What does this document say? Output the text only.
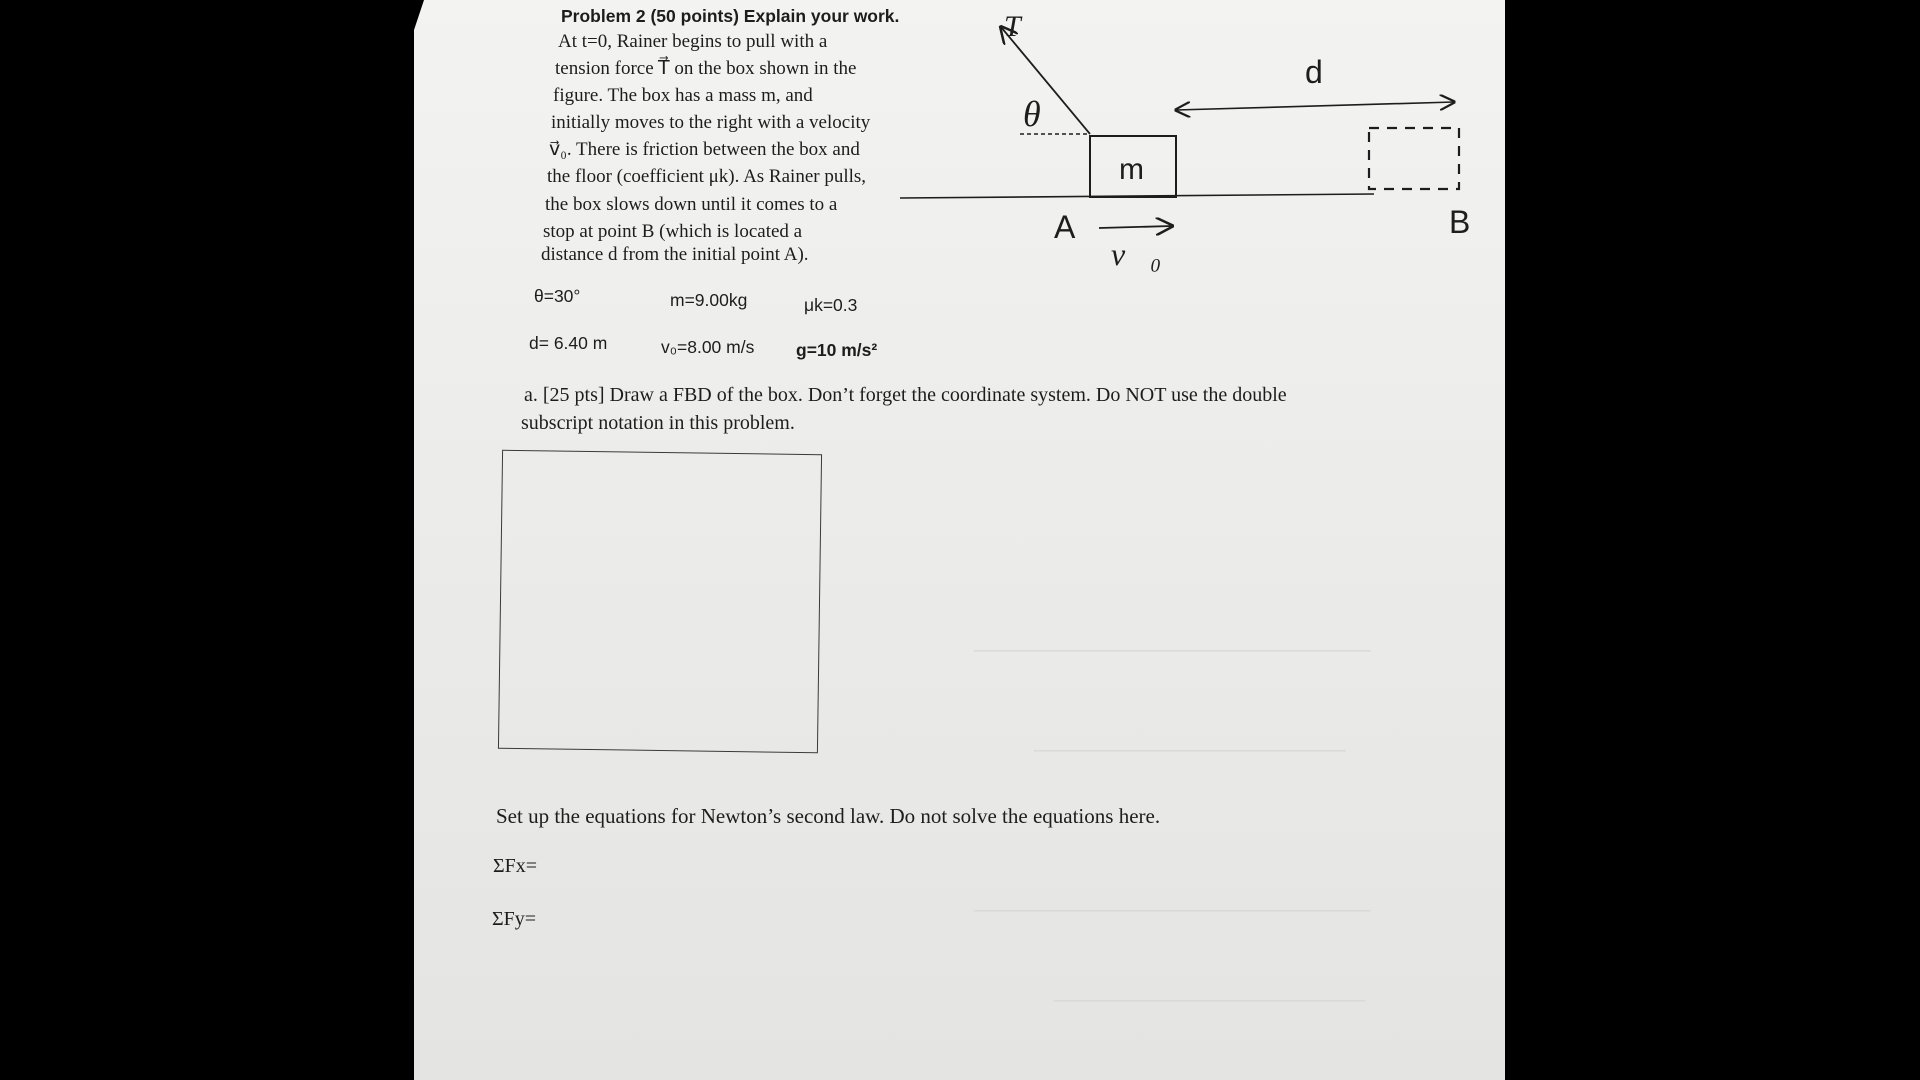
────────────────────────────
──────────────────────
────────────────────────────
──────────────────────
Problem 2 (50 points) Explain your work.
At t=0, Rainer begins to pull with a
tension force T⃗ on the box shown in the
figure. The box has a mass m, and
initially moves to the right with a velocity
v⃗₀. There is friction between the box and
the floor (coefficient μk). As Rainer pulls,
the box slows down until it comes to a
stop at point B (which is located a
distance d from the initial point A).
T⃗
θ
m
d
A	B
v⃗₀
θ=30°	m=9.00kg	μk=0.3
d= 6.40 m	v₀=8.00 m/s g=10 m/s²
a. [25 pts] Draw a FBD of the box. Don’t forget the coordinate system. Do NOT use the double
subscript notation in this problem.
Set up the equations for Newton’s second law. Do not solve the equations here.
ΣFx=
ΣFy=
